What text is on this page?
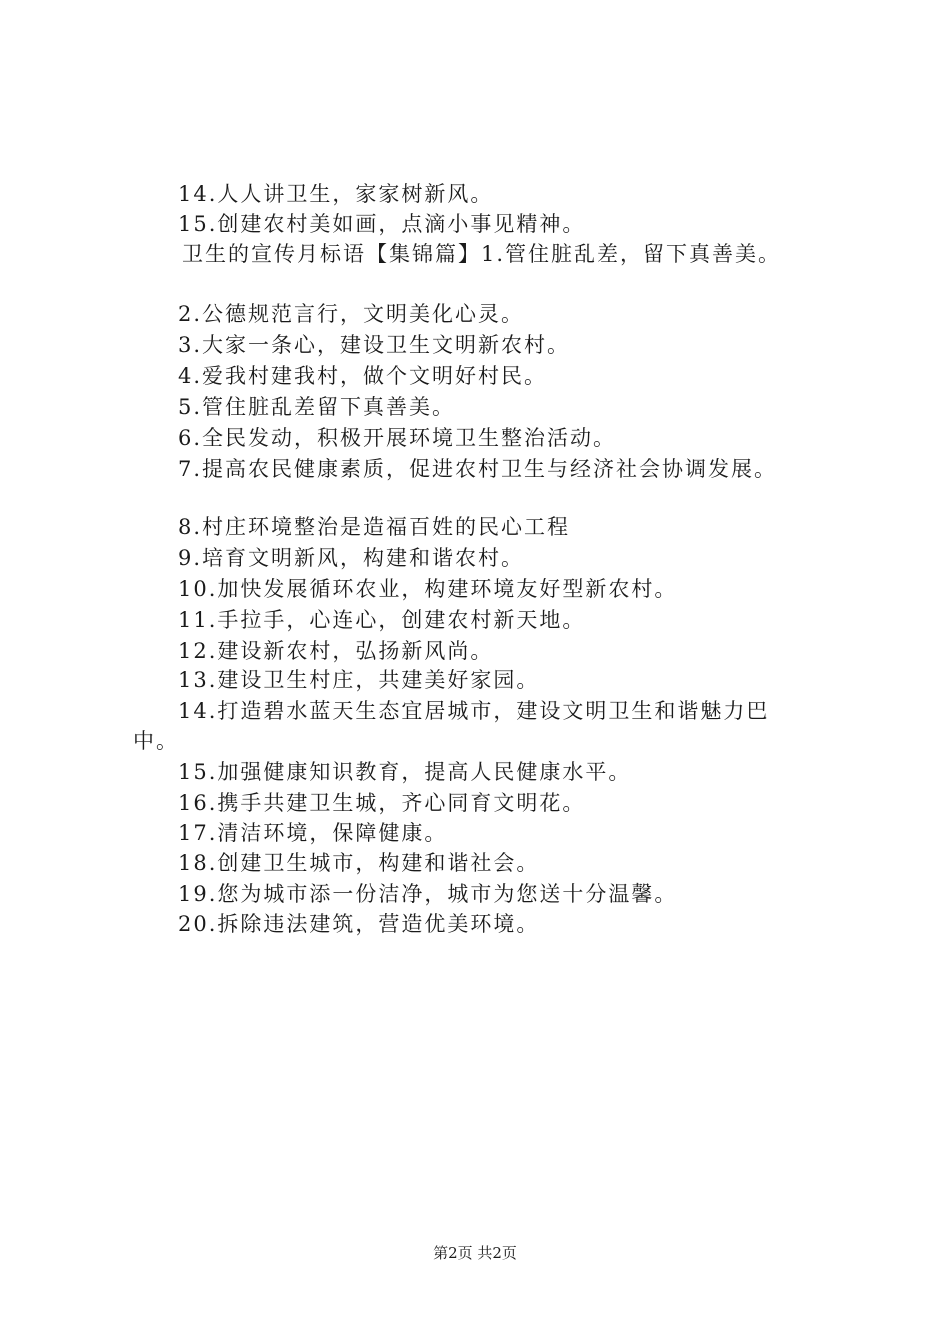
14.人人讲卫生，家家树新风。
15.创建农村美如画，点滴小事见精神。
卫生的宣传月标语【集锦篇】1.管住脏乱差，留下真善美。
2.公德规范言行，文明美化心灵。
3.大家一条心，建设卫生文明新农村。
4.爱我村建我村，做个文明好村民。
5.管住脏乱差留下真善美。
6.全民发动，积极开展环境卫生整治活动。
7.提高农民健康素质，促进农村卫生与经济社会协调发展。
8.村庄环境整治是造福百姓的民心工程
9.培育文明新风，构建和谐农村。
10.加快发展循环农业，构建环境友好型新农村。
11.手拉手，心连心，创建农村新天地。
12.建设新农村，弘扬新风尚。
13.建设卫生村庄，共建美好家园。
14.打造碧水蓝天生态宜居城市，建设文明卫生和谐魅力巴
中。
15.加强健康知识教育，提高人民健康水平。
16.携手共建卫生城，齐心同育文明花。
17.清洁环境，保障健康。
18.创建卫生城市，构建和谐社会。
19.您为城市添一份洁净，城市为您送十分温馨。
20.拆除违法建筑，营造优美环境。
第2页 共2页
